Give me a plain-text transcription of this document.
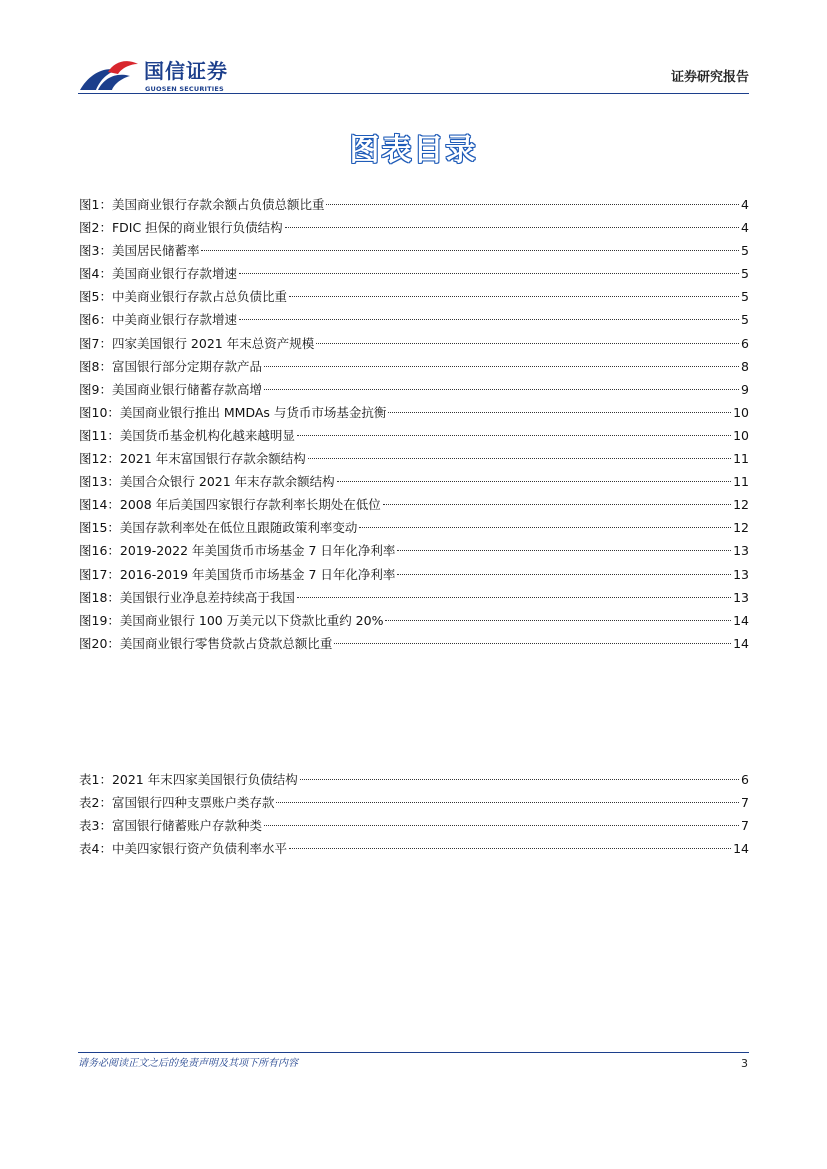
国信证券
GUOSEN SECURITIES
证券研究报告
图表目录
图1： 美国商业银行存款余额占负债总额比重	4
图2： FDIC 担保的商业银行负债结构	4
图3： 美国居民储蓄率	5
图4： 美国商业银行存款增速	5
图5： 中美商业银行存款占总负债比重	5
图6： 中美商业银行存款增速	5
图7： 四家美国银行 2021 年末总资产规模	6
图8： 富国银行部分定期存款产品	8
图9： 美国商业银行储蓄存款高增	9
图10： 美国商业银行推出 MMDAs 与货币市场基金抗衡	10
图11： 美国货币基金机构化越来越明显	10
图12： 2021 年末富国银行存款余额结构	11
图13： 美国合众银行 2021 年末存款余额结构	11
图14： 2008 年后美国四家银行存款利率长期处在低位	12
图15： 美国存款利率处在低位且跟随政策利率变动	12
图16： 2019-2022 年美国货币市场基金 7 日年化净利率	13
图17： 2016-2019 年美国货币市场基金 7 日年化净利率	13
图18： 美国银行业净息差持续高于我国	13
图19： 美国商业银行 100 万美元以下贷款比重约 20%	14
图20： 美国商业银行零售贷款占贷款总额比重	14
表1： 2021 年末四家美国银行负债结构	6
表2： 富国银行四种支票账户类存款	7
表3： 富国银行储蓄账户存款种类	7
表4： 中美四家银行资产负债利率水平	14
请务必阅读正文之后的免责声明及其项下所有内容	3
